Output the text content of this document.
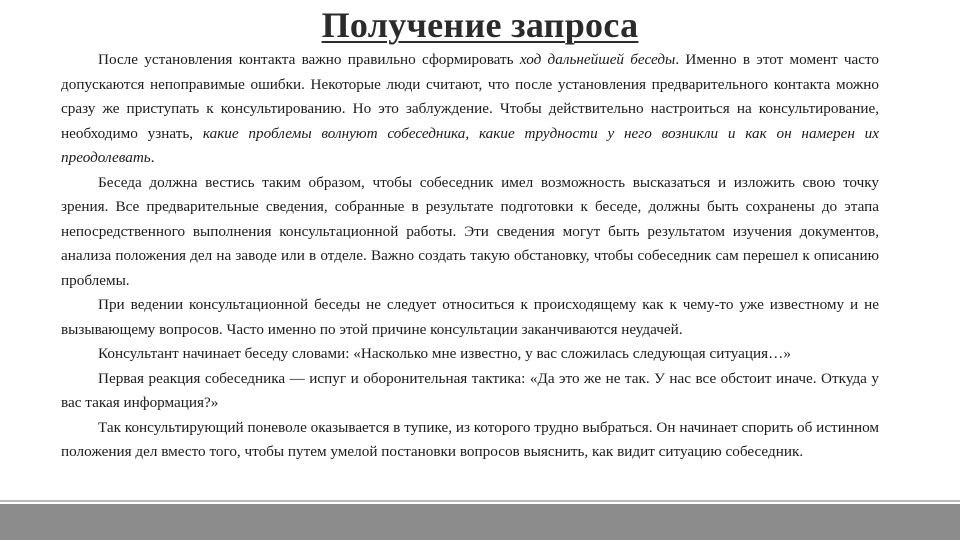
Получение запроса

После установления контакта важно правильно сформировать ход дальнейшей беседы. Именно в этот момент часто допускаются непоправимые ошибки. Некоторые люди считают, что после установления предварительного контакта можно сразу же приступать к консультированию. Но это заблуждение. Чтобы действительно настроиться на консультирование, необходимо узнать, какие проблемы волнуют собеседника, какие трудности у него возникли и как он намерен их преодолевать.

Беседа должна вестись таким образом, чтобы собеседник имел возможность высказаться и изложить свою точку зрения. Все предварительные сведения, собранные в результате подготовки к беседе, должны быть сохранены до этапа непосредственного выполнения консультационной работы. Эти сведения могут быть результатом изучения документов, анализа положения дел на заводе или в отделе. Важно создать такую обстановку, чтобы собеседник сам перешел к описанию проблемы.

При ведении консультационной беседы не следует относиться к происходящему как к чему-то уже известному и не вызывающему вопросов. Часто именно по этой причине консультации заканчиваются неудачей.

Консультант начинает беседу словами: «Насколько мне известно, у вас сложилась следующая ситуация…»

Первая реакция собеседника — испуг и оборонительная тактика: «Да это же не так. У нас все обстоит иначе. Откуда у вас такая информация?»

Так консультирующий поневоле оказывается в тупике, из которого трудно выбраться. Он начинает спорить об истинном положения дел вместо того, чтобы путем умелой постановки вопросов выяснить, как видит ситуацию собеседник.
